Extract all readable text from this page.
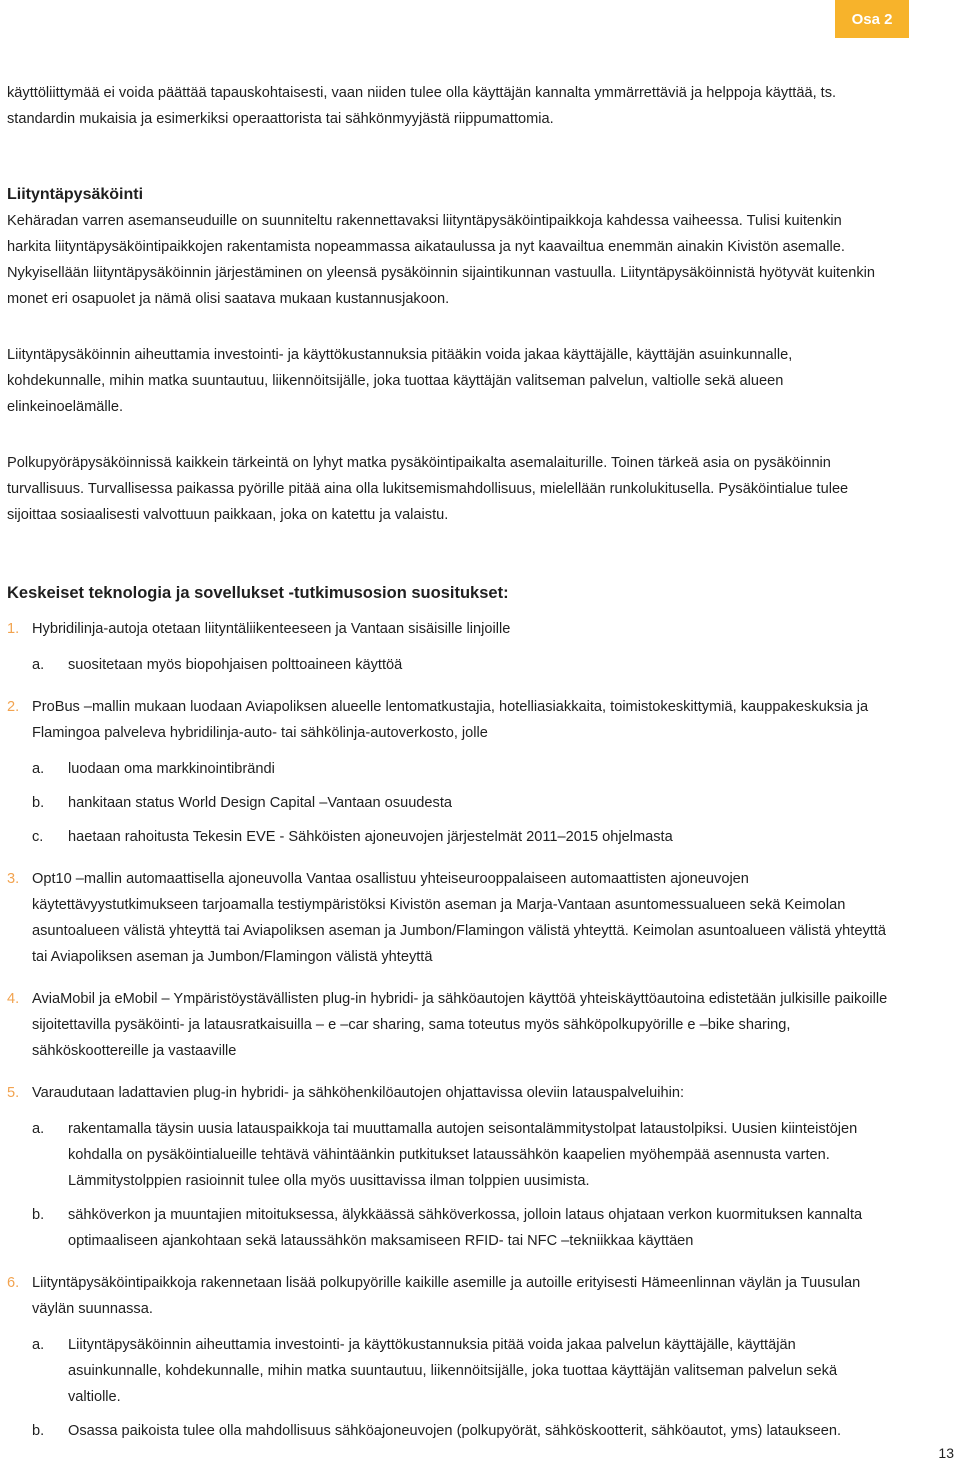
Osa 2

käyttöliittymää ei voida päättää tapauskohtaisesti, vaan niiden tulee olla käyttäjän kannalta ymmärrettäviä ja helppoja käyttää, ts. standardin mukaisia ja esimerkiksi operaattorista tai sähkönmyyjästä riippumattomia.

Liityntäpysäköinti

Kehäradan varren asemanseuduille on suunniteltu rakennettavaksi liityntäpysäköintipaikkoja kahdessa vaiheessa. Tulisi kuitenkin harkita liityntäpysäköintipaikkojen rakentamista nopeammassa aikataulussa ja nyt kaavailtua enemmän ainakin Kivistön asemalle. Nykyisellään liityntäpysäköinnin järjestäminen on yleensä pysäköinnin sijaintikunnan vastuulla. Liityntäpysäköinnistä hyötyvät kuitenkin monet eri osapuolet ja nämä olisi saatava mukaan kustannusjakoon.

Liityntäpysäköinnin aiheuttamia investointi- ja käyttökustannuksia pitääkin voida jakaa käyttäjälle, käyttäjän asuinkunnalle, kohdekunnalle, mihin matka suuntautuu, liikennöitsijälle, joka tuottaa käyttäjän valitseman palvelun, valtiolle sekä alueen elinkeinoelämälle.

Polkupyöräpysäköinnissä kaikkein tärkeintä on lyhyt matka pysäköintipaikalta asemalaiturille. Toinen tärkeä asia on pysäköinnin turvallisuus. Turvallisessa paikassa pyörille pitää aina olla lukitsemismahdollisuus, mielellään runkolukitusella. Pysäköintialue tulee sijoittaa sosiaalisesti valvottuun paikkaan, joka on katettu ja valaistu.

Keskeiset teknologia ja sovellukset -tutkimusosion suositukset:
1. Hybridilinja-autoja otetaan liityntäliikenteeseen ja Vantaan sisäisille linjoille
a.	suositetaan myös biopohjaisen polttoaineen käyttöä
2. ProBus –mallin mukaan luodaan Aviapoliksen alueelle lentomatkustajia, hotelliasiakkaita, toimistokeskittymiä, kauppakeskuksia ja Flamingoa palveleva hybridilinja-auto- tai sähkölinja-autoverkosto, jolle
a.	luodaan oma markkinointibrändi
b.	hankitaan status World Design Capital –Vantaan osuudesta
c.	haetaan rahoitusta Tekesin EVE - Sähköisten ajoneuvojen järjestelmät 2011–2015 ohjelmasta
3. Opt10 –mallin automaattisella ajoneuvolla Vantaa osallistuu yhteiseurooppalaiseen automaattisten ajoneuvojen käytettävyystutkimukseen tarjoamalla testiympäristöksi Kivistön aseman ja Marja-Vantaan asuntomessualueen sekä Keimolan asuntoalueen välistä yhteyttä tai Aviapoliksen aseman ja Jumbon/Flamingon välistä yhteyttä. Keimolan asuntoalueen välistä yhteyttä tai Aviapoliksen aseman ja Jumbon/Flamingon välistä yhteyttä
4. AviaMobil ja eMobil – Ympäristöystävällisten plug-in hybridi- ja sähköautojen käyttöä yhteiskäyttöautoina edistetään julkisille paikoille sijoitettavilla pysäköinti- ja latausratkaisuilla – e –car sharing, sama toteutus myös sähköpolkupyörille e –bike sharing, sähköskoottereille ja vastaaville
5. Varaudutaan ladattavien plug-in hybridi- ja sähköhenkilöautojen ohjattavissa oleviin latauspalveluihin:
a.	rakentamalla täysin uusia latauspaikkoja tai muuttamalla autojen seisontalämmitystolpat lataustolpiksi. Uusien kiinteistöjen kohdalla on pysäköintialueille tehtävä vähintäänkin putkitukset lataussähkön kaapelien myöhempää asennusta varten. Lämmitystolppien rasioinnit tulee olla myös uusittavissa ilman tolppien uusimista.
b.	sähköverkon ja muuntajien mitoituksessa, älykkäässä sähköverkossa, jolloin lataus ohjataan verkon kuormituksen kannalta optimaaliseen ajankohtaan sekä lataussähkön maksamiseen RFID- tai NFC –tekniikkaa käyttäen
6. Liityntäpysäköintipaikkoja rakennetaan lisää polkupyörille kaikille asemille ja autoille erityisesti Hämeenlinnan väylän ja Tuusulan väylän suunnassa.
a.	Liityntäpysäköinnin aiheuttamia investointi- ja käyttökustannuksia pitää voida jakaa palvelun käyttäjälle, käyttäjän asuinkunnalle, kohdekunnalle, mihin matka suuntautuu, liikennöitsijälle, joka tuottaa käyttäjän valitseman palvelun sekä valtiolle.
b.	Osassa paikoista tulee olla mahdollisuus sähköajoneuvojen (polkupyörät, sähköskootterit, sähköautot, yms) lataukseen.
13
